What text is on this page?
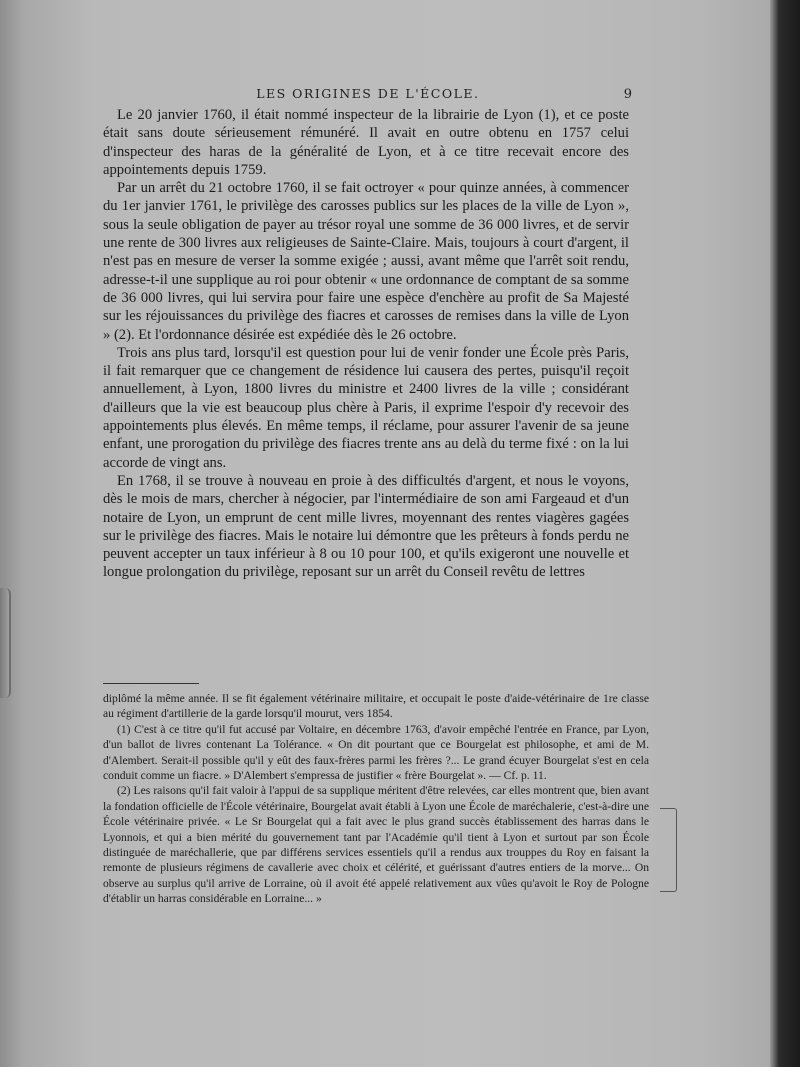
LES ORIGINES DE L'ÉCOLE.	9

Le 20 janvier 1760, il était nommé inspecteur de la librairie de Lyon (1), et ce poste était sans doute sérieusement rémunéré. Il avait en outre obtenu en 1757 celui d'inspecteur des haras de la généralité de Lyon, et à ce titre recevait encore des appointements depuis 1759.

Par un arrêt du 21 octobre 1760, il se fait octroyer « pour quinze années, à commencer du 1er janvier 1761, le privilège des carosses publics sur les places de la ville de Lyon », sous la seule obligation de payer au trésor royal une somme de 36 000 livres, et de servir une rente de 300 livres aux religieuses de Sainte-Claire. Mais, toujours à court d'argent, il n'est pas en mesure de verser la somme exigée ; aussi, avant même que l'arrêt soit rendu, adresse-t-il une supplique au roi pour obtenir « une ordonnance de comptant de sa somme de 36 000 livres, qui lui servira pour faire une espèce d'enchère au profit de Sa Majesté sur les réjouissances du privilège des fiacres et carosses de remises dans la ville de Lyon » (2). Et l'ordonnance désirée est expédiée dès le 26 octobre.

Trois ans plus tard, lorsqu'il est question pour lui de venir fonder une École près Paris, il fait remarquer que ce changement de résidence lui causera des pertes, puisqu'il reçoit annuellement, à Lyon, 1800 livres du ministre et 2400 livres de la ville ; considérant d'ailleurs que la vie est beaucoup plus chère à Paris, il exprime l'espoir d'y recevoir des appointements plus élevés. En même temps, il réclame, pour assurer l'avenir de sa jeune enfant, une prorogation du privilège des fiacres trente ans au delà du terme fixé : on la lui accorde de vingt ans.

En 1768, il se trouve à nouveau en proie à des difficultés d'argent, et nous le voyons, dès le mois de mars, chercher à négocier, par l'intermédiaire de son ami Fargeaud et d'un notaire de Lyon, un emprunt de cent mille livres, moyennant des rentes viagères gagées sur le privilège des fiacres. Mais le notaire lui démontre que les prêteurs à fonds perdu ne peuvent accepter un taux inférieur à 8 ou 10 pour 100, et qu'ils exigeront une nouvelle et longue prolongation du privilège, reposant sur un arrêt du Conseil revêtu de lettres

diplômé la même année. Il se fit également vétérinaire militaire, et occupait le poste d'aide-vétérinaire de 1re classe au régiment d'artillerie de la garde lorsqu'il mourut, vers 1854.

(1) C'est à ce titre qu'il fut accusé par Voltaire, en décembre 1763, d'avoir empêché l'entrée en France, par Lyon, d'un ballot de livres contenant La Tolérance. « On dit pourtant que ce Bourgelat est philosophe, et ami de M. d'Alembert. Serait-il possible qu'il y eût des faux-frères parmi les frères ?... Le grand écuyer Bourgelat s'est en cela conduit comme un fiacre. » D'Alembert s'empressa de justifier « frère Bourgelat ». — Cf. p. 11.

(2) Les raisons qu'il fait valoir à l'appui de sa supplique méritent d'être relevées, car elles montrent que, bien avant la fondation officielle de l'École vétérinaire, Bourgelat avait établi à Lyon une École de maréchalerie, c'est-à-dire une École vétérinaire privée. « Le Sr Bourgelat qui a fait avec le plus grand succès établissement des harras dans le Lyonnois, et qui a bien mérité du gouvernement tant par l'Académie qu'il tient à Lyon et surtout par son École distinguée de maréchallerie, que par différens services essentiels qu'il a rendus aux trouppes du Roy en faisant la remonte de plusieurs régimens de cavallerie avec choix et célérité, et guérissant d'autres entiers de la morve... On observe au surplus qu'il arrive de Lorraine, où il avoit été appelé relativement aux vûes qu'avoit le Roy de Pologne d'établir un harras considérable en Lorraine... »
